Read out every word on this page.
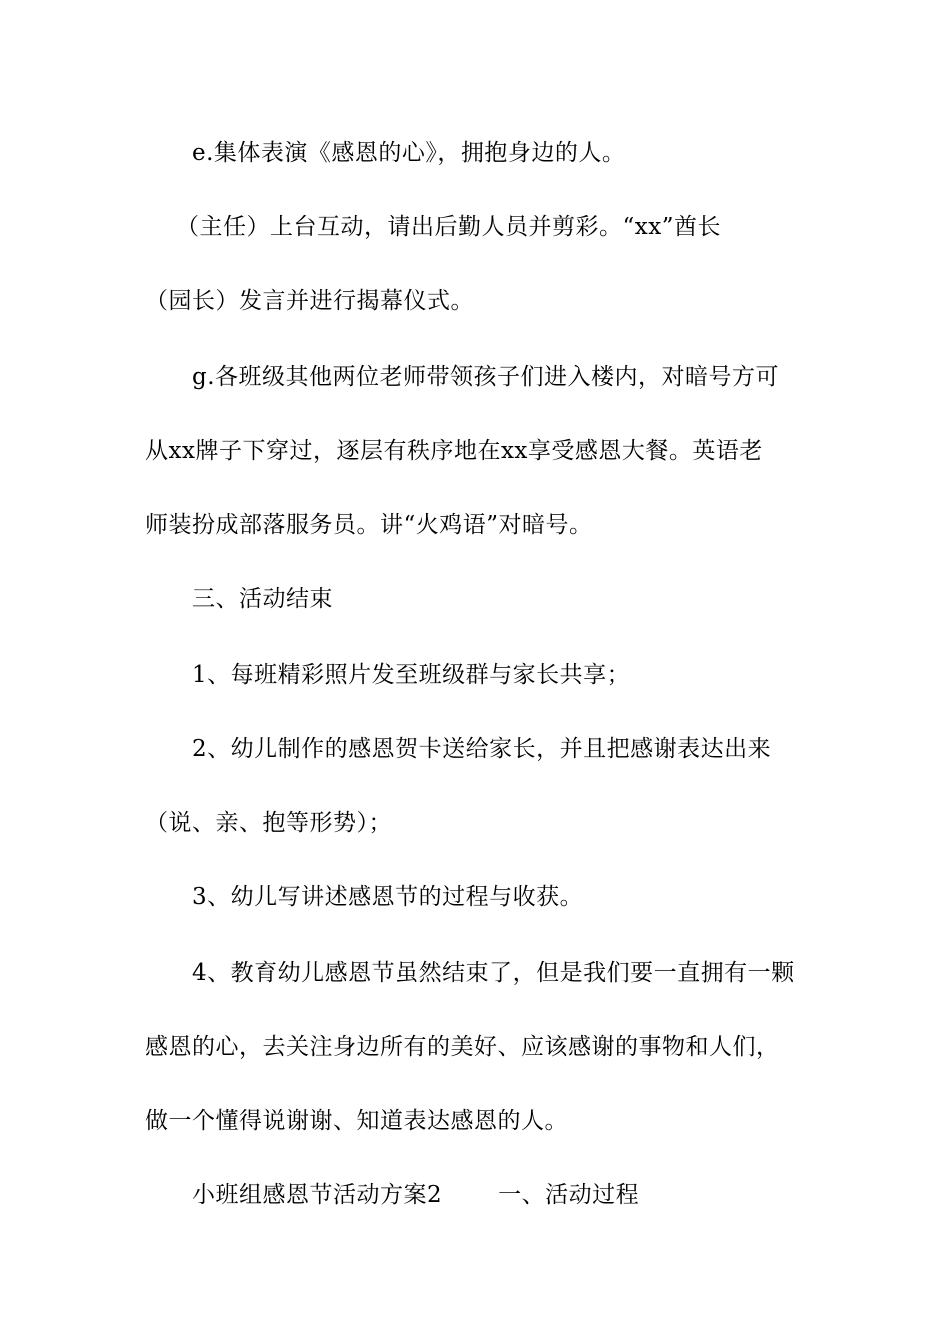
e.集体表演《感恩的心》，拥抱身边的人。
（主任）上台互动，请出后勤人员并剪彩。“xx”酋长
（园长）发言并进行揭幕仪式。
g.各班级其他两位老师带领孩子们进入楼内，对暗号方可
从xx牌子下穿过，逐层有秩序地在xx享受感恩大餐。英语老
师装扮成部落服务员。讲“火鸡语”对暗号。
三、活动结束
1、每班精彩照片发至班级群与家长共享；
2、幼儿制作的感恩贺卡送给家长，并且把感谢表达出来
（说、亲、抱等形势）；
3、幼儿写讲述感恩节的过程与收获。
4、教育幼儿感恩节虽然结束了，但是我们要一直拥有一颗
感恩的心，去关注身边所有的美好、应该感谢的事物和人们，
做一个懂得说谢谢、知道表达感恩的人。
小班组感恩节活动方案2 一、活动过程
